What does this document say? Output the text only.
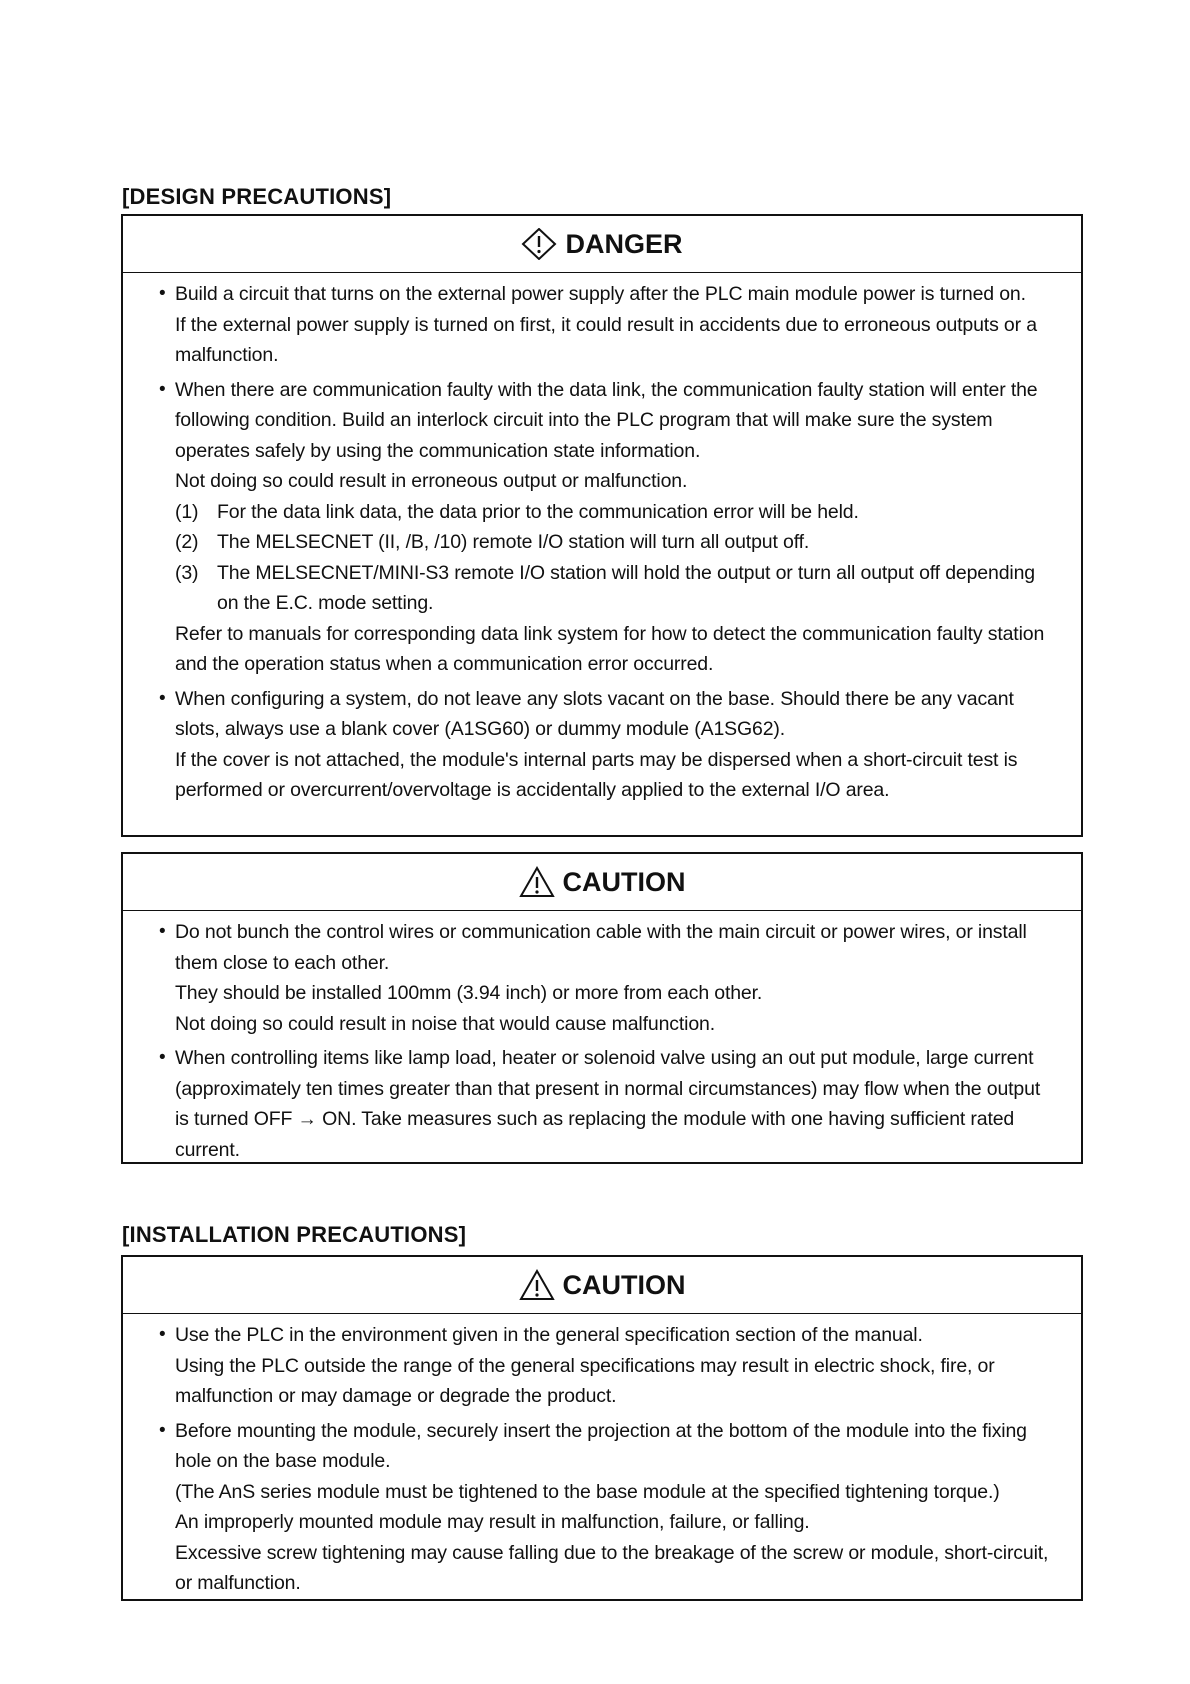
[DESIGN PRECAUTIONS]
DANGER
• Build a circuit that turns on the external power supply after the PLC main module power is turned on.
If the external power supply is turned on first, it could result in accidents due to erroneous outputs or a malfunction.
• When there are communication faulty with the data link, the communication faulty station will enter the following condition. Build an interlock circuit into the PLC program that will make sure the system operates safely by using the communication state information.
Not doing so could result in erroneous output or malfunction.
(1) For the data link data, the data prior to the communication error will be held.
(2) The MELSECNET (II, /B, /10) remote I/O station will turn all output off.
(3) The MELSECNET/MINI-S3 remote I/O station will hold the output or turn all output off depending on the E.C. mode setting.
Refer to manuals for corresponding data link system for how to detect the communication faulty station and the operation status when a communication error occurred.
• When configuring a system, do not leave any slots vacant on the base. Should there be any vacant slots, always use a blank cover (A1SG60) or dummy module (A1SG62).
If the cover is not attached, the module's internal parts may be dispersed when a short-circuit test is performed or overcurrent/overvoltage is accidentally applied to the external I/O area.
CAUTION
• Do not bunch the control wires or communication cable with the main circuit or power wires, or install them close to each other.
They should be installed 100mm (3.94 inch) or more from each other.
Not doing so could result in noise that would cause malfunction.
• When controlling items like lamp load, heater or solenoid valve using an out put module, large current (approximately ten times greater than that present in normal circumstances) may flow when the output is turned OFF → ON. Take measures such as replacing the module with one having sufficient rated current.
[INSTALLATION PRECAUTIONS]
CAUTION
• Use the PLC in the environment given in the general specification section of the manual.
Using the PLC outside the range of the general specifications may result in electric shock, fire, or malfunction or may damage or degrade the product.
• Before mounting the module, securely insert the projection at the bottom of the module into the fixing hole on the base module.
(The AnS series module must be tightened to the base module at the specified tightening torque.)
An improperly mounted module may result in malfunction, failure, or falling.
Excessive screw tightening may cause falling due to the breakage of the screw or module, short-circuit, or malfunction.
